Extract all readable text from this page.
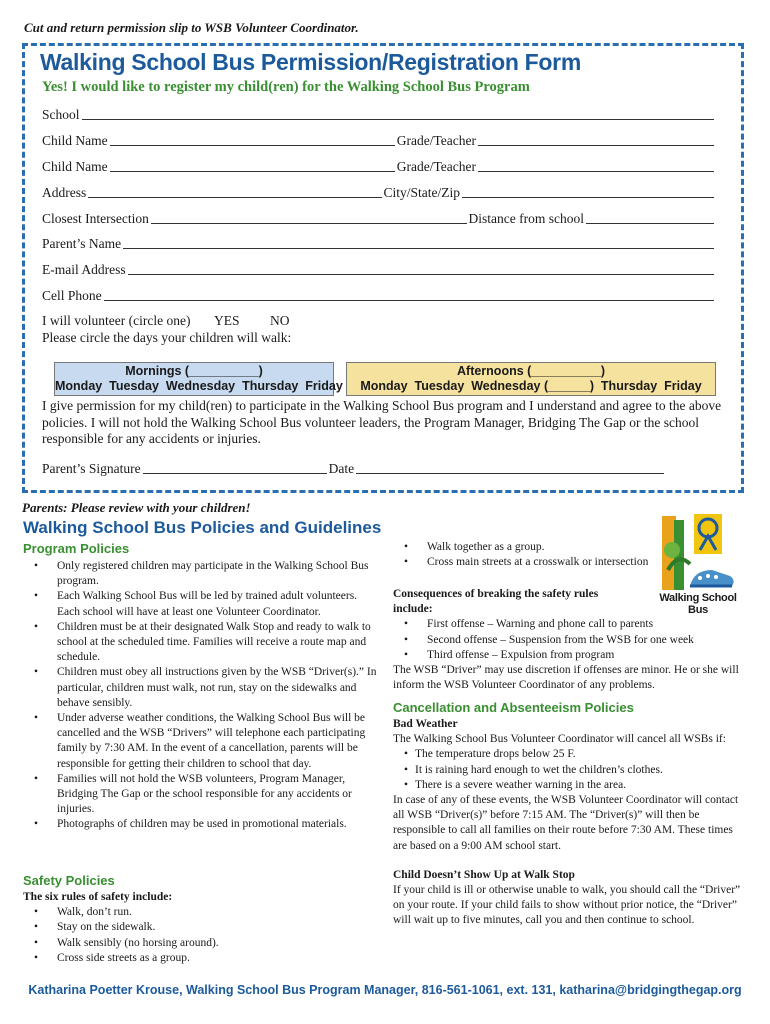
Cut and return permission slip to WSB Volunteer Coordinator.
Walking School Bus Permission/Registration Form
Yes! I would like to register my child(ren) for the Walking School Bus Program
School
Child Name	Grade/Teacher
Child Name	Grade/Teacher
Address	City/State/Zip
Closest Intersection	Distance from school
Parent’s Name
E-mail Address
Cell Phone
I will volunteer (circle one) YES NO
Please circle the days your children will walk:
Mornings (__________)
Monday  Tuesday  Wednesday  Thursday  Friday
Afternoons (__________)
Monday  Tuesday  Wednesday (______)  Thursday  Friday
I give permission for my child(ren) to participate in the Walking School Bus program and I understand and agree to the above policies. I will not hold the Walking School Bus volunteer leaders, the Program Manager, Bridging The Gap or the school responsible for any accidents or injuries.
Parent’s Signature	Date
Parents: Please review with your children!
Walking School Bus Policies and Guidelines
Program Policies
• Only registered children may participate in the Walking School Bus program.
• Each Walking School Bus will be led by trained adult volunteers. Each school will have at least one Volunteer Coordinator.
• Children must be at their designated Walk Stop and ready to walk to school at the scheduled time. Families will receive a route map and schedule.
• Children must obey all instructions given by the WSB “Driver(s).” In particular, children must walk, not run, stay on the sidewalks and behave sensibly.
• Under adverse weather conditions, the Walking School Bus will be cancelled and the WSB “Drivers” will telephone each participating family by 7:30 AM. In the event of a cancellation, parents will be responsible for getting their children to school that day.
• Families will not hold the WSB volunteers, Program Manager, Bridging The Gap or the school responsible for any accidents or injuries.
• Photographs of children may be used in promotional materials.
Safety Policies
The six rules of safety include:
• Walk, don’t run.
• Stay on the sidewalk.
• Walk sensibly (no horsing around).
• Cross side streets as a group.
• Walk together as a group.
• Cross main streets at a crosswalk or intersection
Consequences of breaking the safety rules include:
• First offense – Warning and phone call to parents
• Second offense – Suspension from the WSB for one week
• Third offense – Expulsion from program
The WSB “Driver” may use discretion if offenses are minor. He or she will inform the WSB Volunteer Coordinator of any problems.
Cancellation and Absenteeism Policies
Bad Weather
The Walking School Bus Volunteer Coordinator will cancel all WSBs if:
• The temperature drops below 25 F.
• It is raining hard enough to wet the children’s clothes.
• There is a severe weather warning in the area.
In case of any of these events, the WSB Volunteer Coordinator will contact all WSB “Driver(s)” before 7:15 AM. The “Driver(s)” will then be responsible to call all families on their route before 7:30 AM. These times are based on a 9:00 AM school start.
Child Doesn’t Show Up at Walk Stop
If your child is ill or otherwise unable to walk, you should call the “Driver” on your route. If your child fails to show without prior notice, the “Driver” will wait up to five minutes, call you and then continue to school.
Walking School Bus
Katharina Poetter Krouse, Walking School Bus Program Manager, 816-561-1061, ext. 131, katharina@bridgingthegap.org
